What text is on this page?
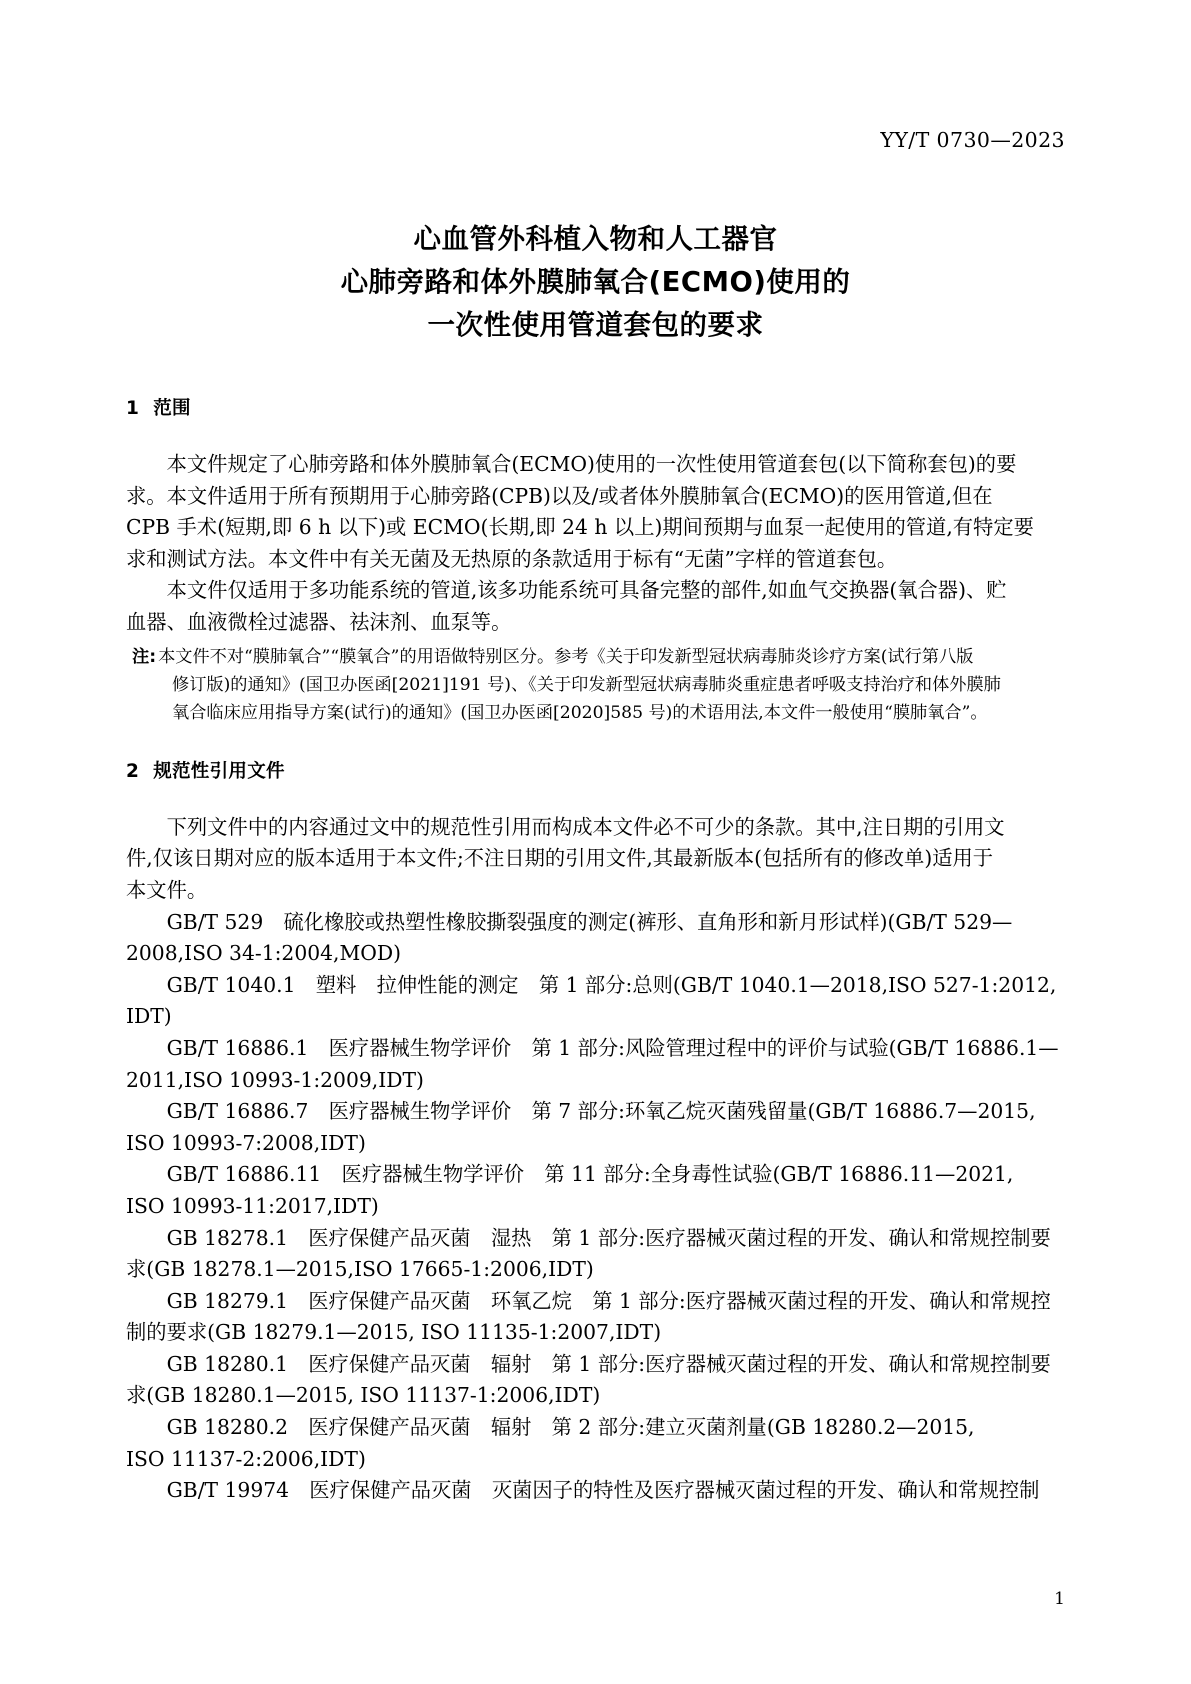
YY/T 0730—2023
心血管外科植入物和人工器官
心肺旁路和体外膜肺氧合(ECMO)使用的
一次性使用管道套包的要求
1 范围

本文件规定了心肺旁路和体外膜肺氧合(ECMO)使用的一次性使用管道套包(以下简称套包)的要
求。本文件适用于所有预期用于心肺旁路(CPB)以及/或者体外膜肺氧合(ECMO)的医用管道,但在
CPB 手术(短期,即 6 h 以下)或 ECMO(长期,即 24 h 以上)期间预期与血泵一起使用的管道,有特定要
求和测试方法。本文件中有关无菌及无热原的条款适用于标有“无菌”字样的管道套包。

本文件仅适用于多功能系统的管道,该多功能系统可具备完整的部件,如血气交换器(氧合器)、贮
血器、血液微栓过滤器、祛沫剂、血泵等。

注: 本文件不对“膜肺氧合”“膜氧合”的用语做特别区分。参考《关于印发新型冠状病毒肺炎诊疗方案(试行第八版
修订版)的通知》(国卫办医函[2021]191 号)、《关于印发新型冠状病毒肺炎重症患者呼吸支持治疗和体外膜肺
氧合临床应用指导方案(试行)的通知》(国卫办医函[2020]585 号)的术语用法,本文件一般使用“膜肺氧合”。
2 规范性引用文件

下列文件中的内容通过文中的规范性引用而构成本文件必不可少的条款。其中,注日期的引用文
件,仅该日期对应的版本适用于本文件;不注日期的引用文件,其最新版本(包括所有的修改单)适用于
本文件。

GB/T 529　硫化橡胶或热塑性橡胶撕裂强度的测定(裤形、直角形和新月形试样)(GB/T 529—
2008,ISO 34-1:2004,MOD)

GB/T 1040.1　塑料　拉伸性能的测定　第 1 部分:总则(GB/T 1040.1—2018,ISO 527-1:2012,
IDT)

GB/T 16886.1　医疗器械生物学评价　第 1 部分:风险管理过程中的评价与试验(GB/T 16886.1—
2011,ISO 10993-1:2009,IDT)

GB/T 16886.7　医疗器械生物学评价　第 7 部分:环氧乙烷灭菌残留量(GB/T 16886.7—2015,
ISO 10993-7:2008,IDT)

GB/T 16886.11　医疗器械生物学评价　第 11 部分:全身毒性试验(GB/T 16886.11—2021,
ISO 10993-11:2017,IDT)

GB 18278.1　医疗保健产品灭菌　湿热　第 1 部分:医疗器械灭菌过程的开发、确认和常规控制要
求(GB 18278.1—2015,ISO 17665-1:2006,IDT)

GB 18279.1　医疗保健产品灭菌　环氧乙烷　第 1 部分:医疗器械灭菌过程的开发、确认和常规控
制的要求(GB 18279.1—2015, ISO 11135-1:2007,IDT)

GB 18280.1　医疗保健产品灭菌　辐射　第 1 部分:医疗器械灭菌过程的开发、确认和常规控制要
求(GB 18280.1—2015, ISO 11137-1:2006,IDT)

GB 18280.2　医疗保健产品灭菌　辐射　第 2 部分:建立灭菌剂量(GB 18280.2—2015,
ISO 11137-2:2006,IDT)

GB/T 19974　医疗保健产品灭菌　灭菌因子的特性及医疗器械灭菌过程的开发、确认和常规控制

1
